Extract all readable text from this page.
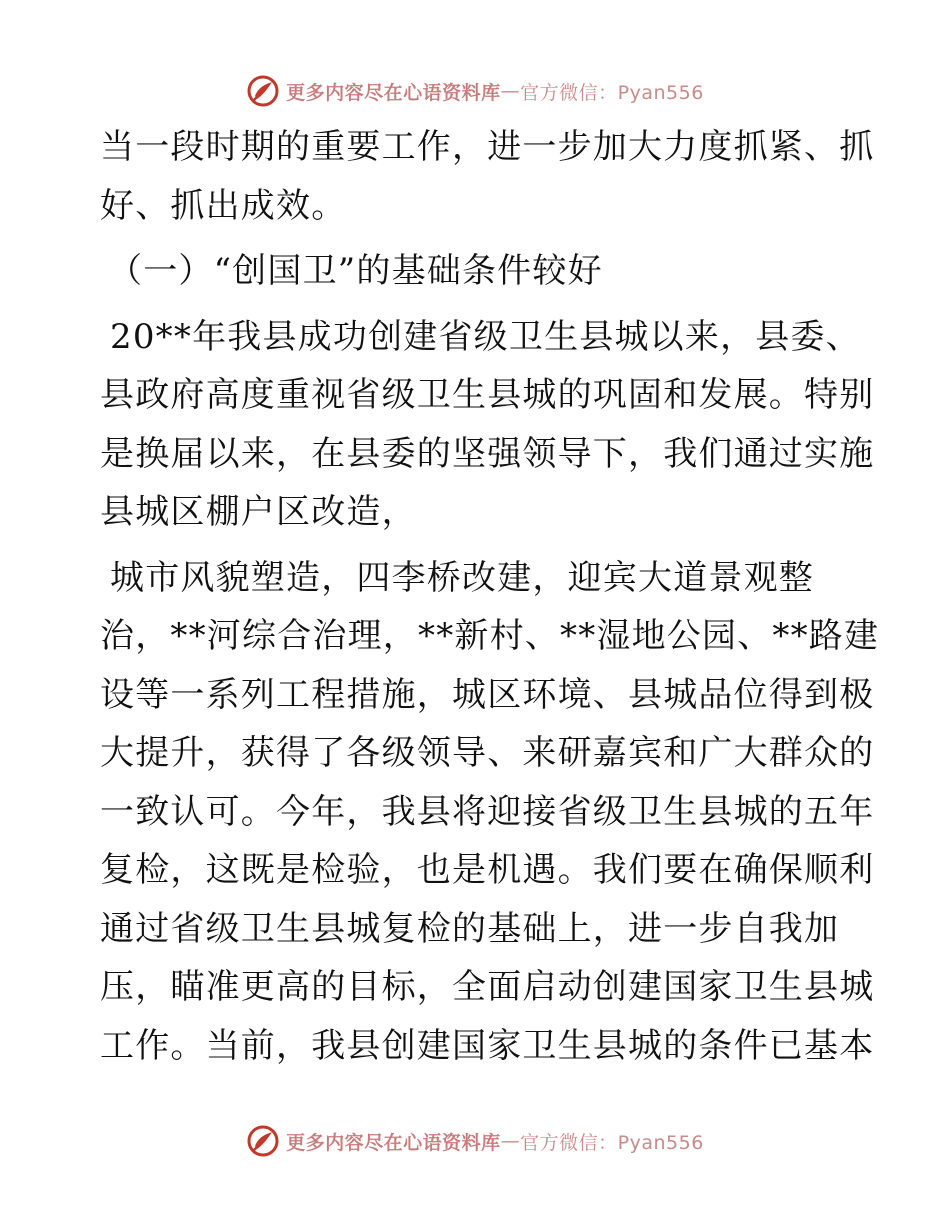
更多内容尽在心语资料库 — 官方微信：Pyan556
当一段时期的重要工作，进一步加大力度抓紧、抓
好、抓出成效。
（一）“创国卫”的基础条件较好
20**年我县成功创建省级卫生县城以来，县委、
县政府高度重视省级卫生县城的巩固和发展。特别
是换届以来，在县委的坚强领导下，我们通过实施
县城区棚户区改造，
城市风貌塑造，四李桥改建，迎宾大道景观整
治，**河综合治理，**新村、**湿地公园、**路建
设等一系列工程措施，城区环境、县城品位得到极
大提升，获得了各级领导、来研嘉宾和广大群众的
一致认可。今年，我县将迎接省级卫生县城的五年
复检，这既是检验，也是机遇。我们要在确保顺利
通过省级卫生县城复检的基础上，进一步自我加
压，瞄准更高的目标，全面启动创建国家卫生县城
工作。当前，我县创建国家卫生县城的条件已基本
更多内容尽在心语资料库 — 官方微信：Pyan556
